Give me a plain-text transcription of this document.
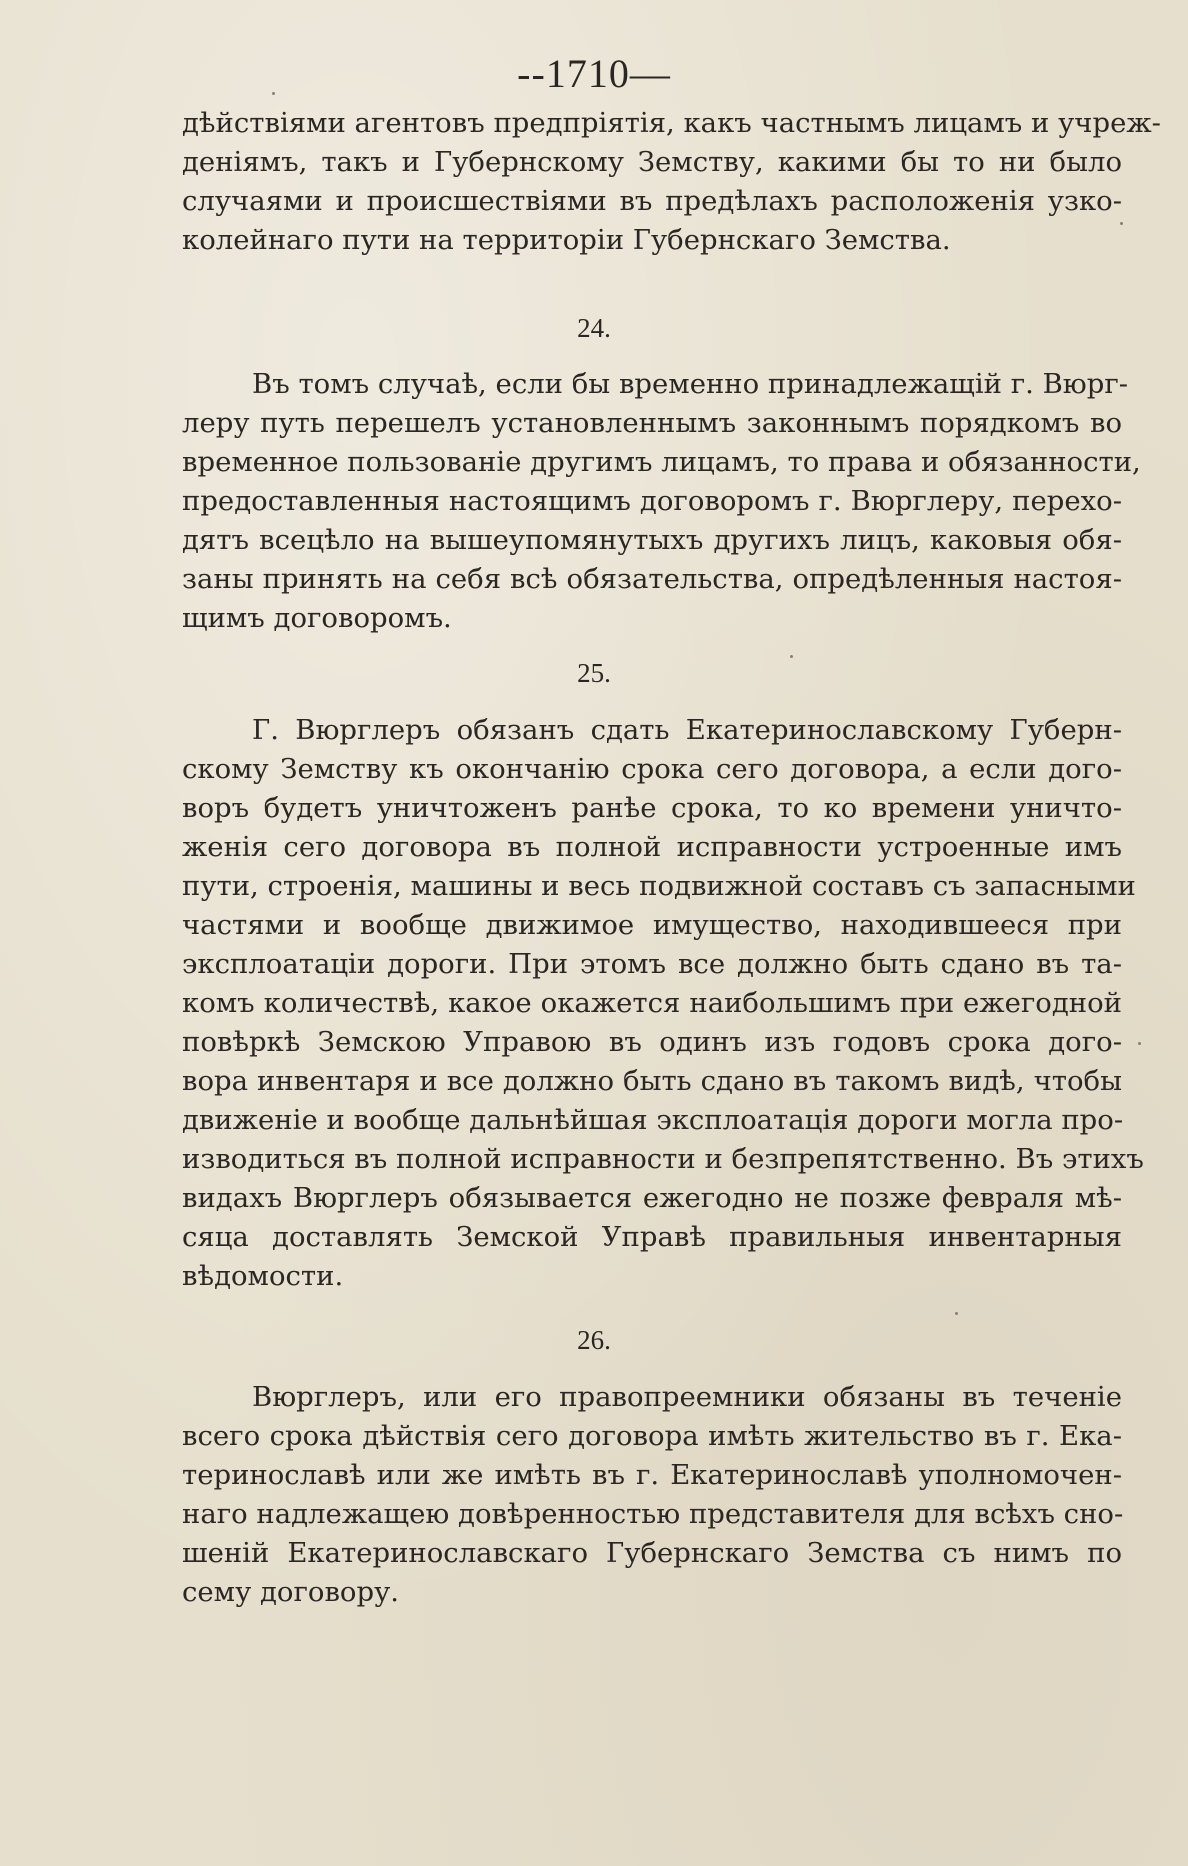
--1710—
дѣйствіями агентовъ предпріятія, какъ частнымъ лицамъ и учреж-
деніямъ, такъ и Губернскому Земству, какими бы то ни было
случаями и происшествіями въ предѣлахъ расположенія узко-
колейнаго пути на территоріи Губернскаго Земства.
24.
Въ томъ случаѣ, если бы временно принадлежащій г. Вюрг-
леру путь перешелъ установленнымъ законнымъ порядкомъ во
временное пользованіе другимъ лицамъ, то права и обязанности,
предоставленныя настоящимъ договоромъ г. Вюрглеру, перехо-
дятъ всецѣло на вышеупомянутыхъ другихъ лицъ, каковыя обя-
заны принять на себя всѣ обязательства, опредѣленныя настоя-
щимъ договоромъ.
25.
Г. Вюрглеръ обязанъ сдать Екатеринославскому Губерн-
скому Земству къ окончанію срока сего договора, а если дого-
воръ будетъ уничтоженъ ранѣе срока, то ко времени уничто-
женія сего договора въ полной исправности устроенные имъ
пути, строенія, машины и весь подвижной составъ съ запасными
частями и вообще движимое имущество, находившееся при
эксплоатаціи дороги. При этомъ все должно быть сдано въ та-
комъ количествѣ, какое окажется наибольшимъ при ежегодной
повѣркѣ Земскою Управою въ одинъ изъ годовъ срока дого-
вора инвентаря и все должно быть сдано въ такомъ видѣ, чтобы
движеніе и вообще дальнѣйшая эксплоатація дороги могла про-
изводиться въ полной исправности и безпрепятственно. Въ этихъ
видахъ Вюрглеръ обязывается ежегодно не позже февраля мѣ-
сяца доставлять Земской Управѣ правильныя инвентарныя
вѣдомости.
26.
Вюрглеръ, или его правопреемники обязаны въ теченіе
всего срока дѣйствія сего договора имѣть жительство въ г. Ека-
теринославѣ или же имѣть въ г. Екатеринославѣ уполномочен-
наго надлежащею довѣренностью представителя для всѣхъ сно-
шеній Екатеринославскаго Губернскаго Земства съ нимъ по
сему договору.
